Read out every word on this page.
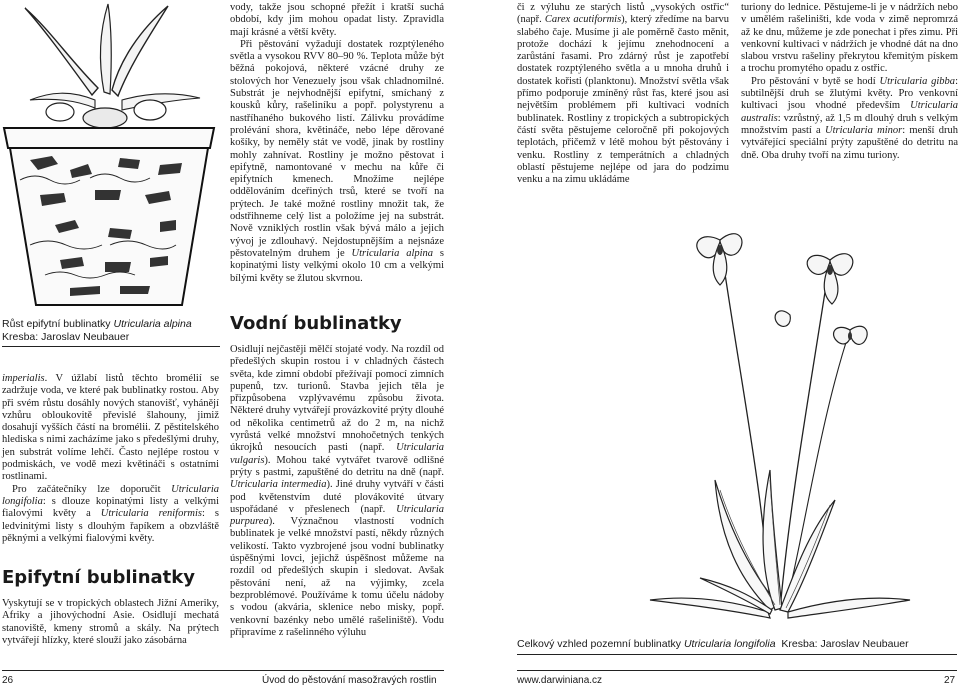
Růst epifytní bublinatky Utricularia alpina
Kresba: Jaroslav Neubauer

imperialis. V úžlabí listů těchto bromélií se zadržuje voda, ve které pak bublinatky rostou. Aby při svém růstu dosáhly nových stanovišť, vyhánějí vzhůru obloukovitě převislé šlahouny, jimiž dosahují vyšších částí na bromélii. Z pěstitelského hlediska s nimi zacházíme jako s předešlými druhy, jen substrát volíme lehčí. Často nejlépe rostou v podmiskách, ve vodě mezi květináči s ostatními rostlinami.

Pro začátečníky lze doporučit Utricularia longifolia: s dlouze kopinatými listy a velkými fialovými květy a Utricularia reniformis: s ledvinitými listy s dlouhým řapíkem a obzvláště pěknými a velkými fialovými květy.

Epifytní bublinatky

Vyskytují se v tropických oblastech Jižní Ameriky, Afriky a jihovýchodní Asie. Osidlují mechatá stanoviště, kmeny stromů a skály. Na prýtech vytvářejí hlízky, které slouží jako zásobárna

vody, takže jsou schopné přežít i kratší suchá období, kdy jim mohou opadat listy. Zpravidla mají krásné a větší květy.

Při pěstování vyžadují dostatek rozptýleného světla a vysokou RVV 80–90 %. Teplota může být běžná pokojová, některé vzácné druhy ze stolových hor Venezuely jsou však chladnomilné. Substrát je nejvhodnější epifytní, smíchaný z kousků kůry, rašeliníku a popř. polystyrenu a nastříhaného bukového listí. Zálivku provádíme prolévání shora, květináče, nebo lépe děrované košíky, by neměly stát ve vodě, jinak by rostliny mohly zahnívat. Rostliny je možno pěstovat i epifytně, namontované v mechu na kůře či epifytních kmenech. Množíme nejlépe oddělováním dceřiných trsů, které se tvoří na prýtech. Je také možné rostliny množit tak, že odstřihneme celý list a položíme jej na substrát. Nově vzniklých rostlin však bývá málo a jejich vývoj je zdlouhavý. Nejdostupnějším a nejsnáze pěstovatelným druhem je Utricularia alpina s kopinatými listy velkými okolo 10 cm a velkými bílými květy se žlutou skvrnou.

Vodní bublinatky

Osidlují nejčastěji mělčí stojaté vody. Na rozdíl od předešlých skupin rostou i v chladných částech světa, kde zimní období přežívají pomocí zimních pupenů, tzv. turionů. Stavba jejich těla je přizpůsobena vzplývavému způsobu života. Některé druhy vytvářejí provázkovité prýty dlouhé od několika centimetrů až do 2 m, na nichž vyrůstá velké množství mnohočetných tenkých úkrojků nesoucích pasti (např. Utricularia vulgaris). Mohou také vytvářet tvarově odlišné prýty s pastmi, zapuštěné do detritu na dně (např. Utricularia intermedia). Jiné druhy vytváří v části pod květenstvím duté plovákovité útvary uspořádané v přeslenech (např. Utricularia purpurea). Význačnou vlastností vodních bublinatek je velké množství pastí, někdy různých velikostí. Takto vyzbrojené jsou vodní bublinatky úspěšnými lovci, jejichž úspěšnost můžeme na rozdíl od předešlých skupin i sledovat. Avšak pěstování není, až na výjimky, zcela bezproblémové. Používáme k tomu účelu nádoby s vodou (akvária, sklenice nebo misky, popř. venkovní bazénky nebo umělé rašeliniště). Vodu připravíme z rašelinného výluhu

26	Úvod do pěstování masožravých rostlin

či z výluhu ze starých listů „vysokých ostřic“ (např. Carex acutiformis), který zředíme na barvu slabého čaje. Musíme ji ale poměrně často měnit, protože dochází k jejímu znehodnocení a zarůstání řasami. Pro zdárný růst je zapotřebí dostatek rozptýleného světla a u mnoha druhů i dostatek kořisti (planktonu). Množství světla však přímo podporuje zmíněný růst řas, které jsou asi největším problémem při kultivaci vodních bublinatek. Rostliny z tropických a subtropických částí světa pěstujeme celoročně při pokojových teplotách, přičemž v létě mohou být pěstovány i venku. Rostliny z temperátních a chladných oblastí pěstujeme nejlépe od jara do podzimu venku a na zimu ukládáme

turiony do lednice. Pěstujeme-li je v nádržích nebo v umělém rašeliništi, kde voda v zimě nepromrzá až ke dnu, můžeme je zde ponechat i přes zimu. Při venkovní kultivaci v nádržích je vhodné dát na dno slabou vrstvu rašeliny překrytou křemitým pískem a trochu promytého opadu z ostřic.

Pro pěstování v bytě se hodí Utricularia gibba: subtilnější druh se žlutými květy. Pro venkovní kultivaci jsou vhodné především Utricularia australis: vzrůstný, až 1,5 m dlouhý druh s velkým množstvím pastí a Utricularia minor: menší druh vytvářející speciální prýty zapuštěné do detritu na dně. Oba druhy tvoří na zimu turiony.

Celkový vzhled pozemní bublinatky Utricularia longifolia Kresba: Jaroslav Neubauer
www.darwiniana.cz	27
